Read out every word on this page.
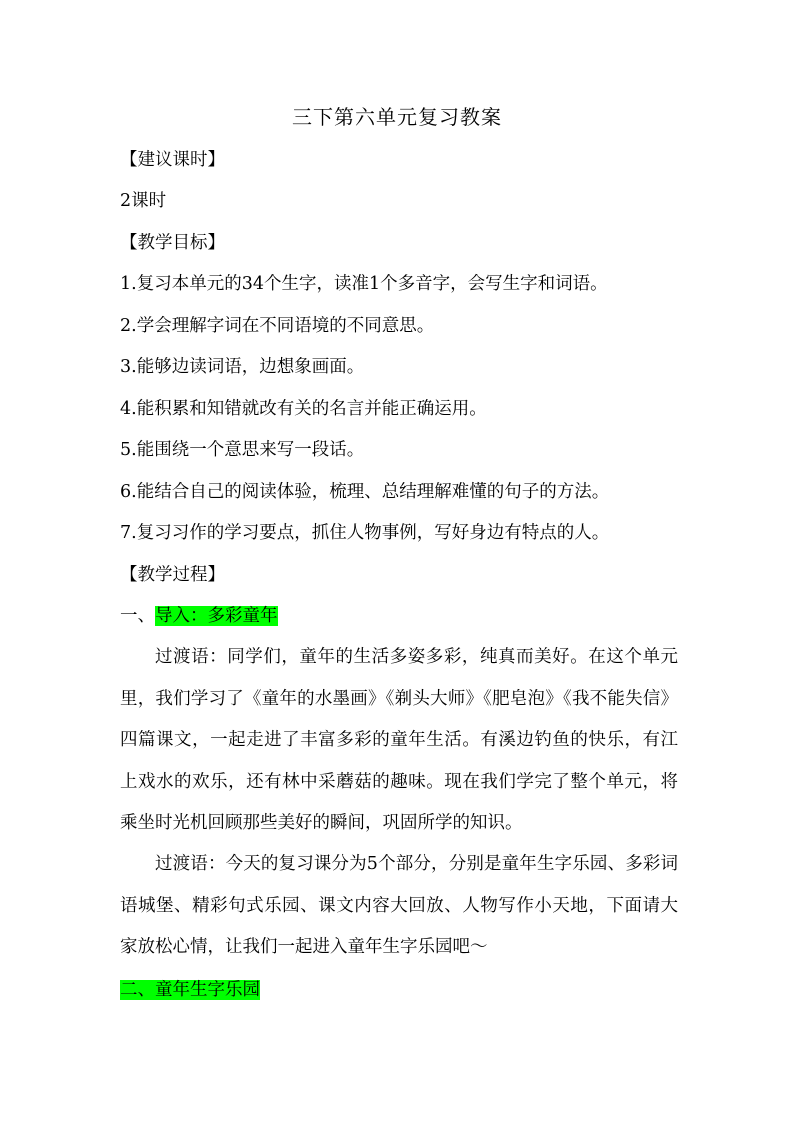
三下第六单元复习教案
【建议课时】
2课时
【教学目标】
1.复习本单元的34个生字，读准1个多音字，会写生字和词语。
2.学会理解字词在不同语境的不同意思。
3.能够边读词语，边想象画面。
4.能积累和知错就改有关的名言并能正确运用。
5.能围绕一个意思来写一段话。
6.能结合自己的阅读体验，梳理、总结理解难懂的句子的方法。
7.复习习作的学习要点，抓住人物事例，写好身边有特点的人。
【教学过程】
一、导入：多彩童年
过渡语：同学们，童年的生活多姿多彩，纯真而美好。在这个单元里，我们学习了《童年的水墨画》《剃头大师》《肥皂泡》《我不能失信》四篇课文，一起走进了丰富多彩的童年生活。有溪边钓鱼的快乐，有江上戏水的欢乐，还有林中采蘑菇的趣味。现在我们学完了整个单元，将乘坐时光机回顾那些美好的瞬间，巩固所学的知识。
过渡语：今天的复习课分为5个部分，分别是童年生字乐园、多彩词语城堡、精彩句式乐园、课文内容大回放、人物写作小天地，下面请大家放松心情，让我们一起进入童年生字乐园吧～
二、童年生字乐园
